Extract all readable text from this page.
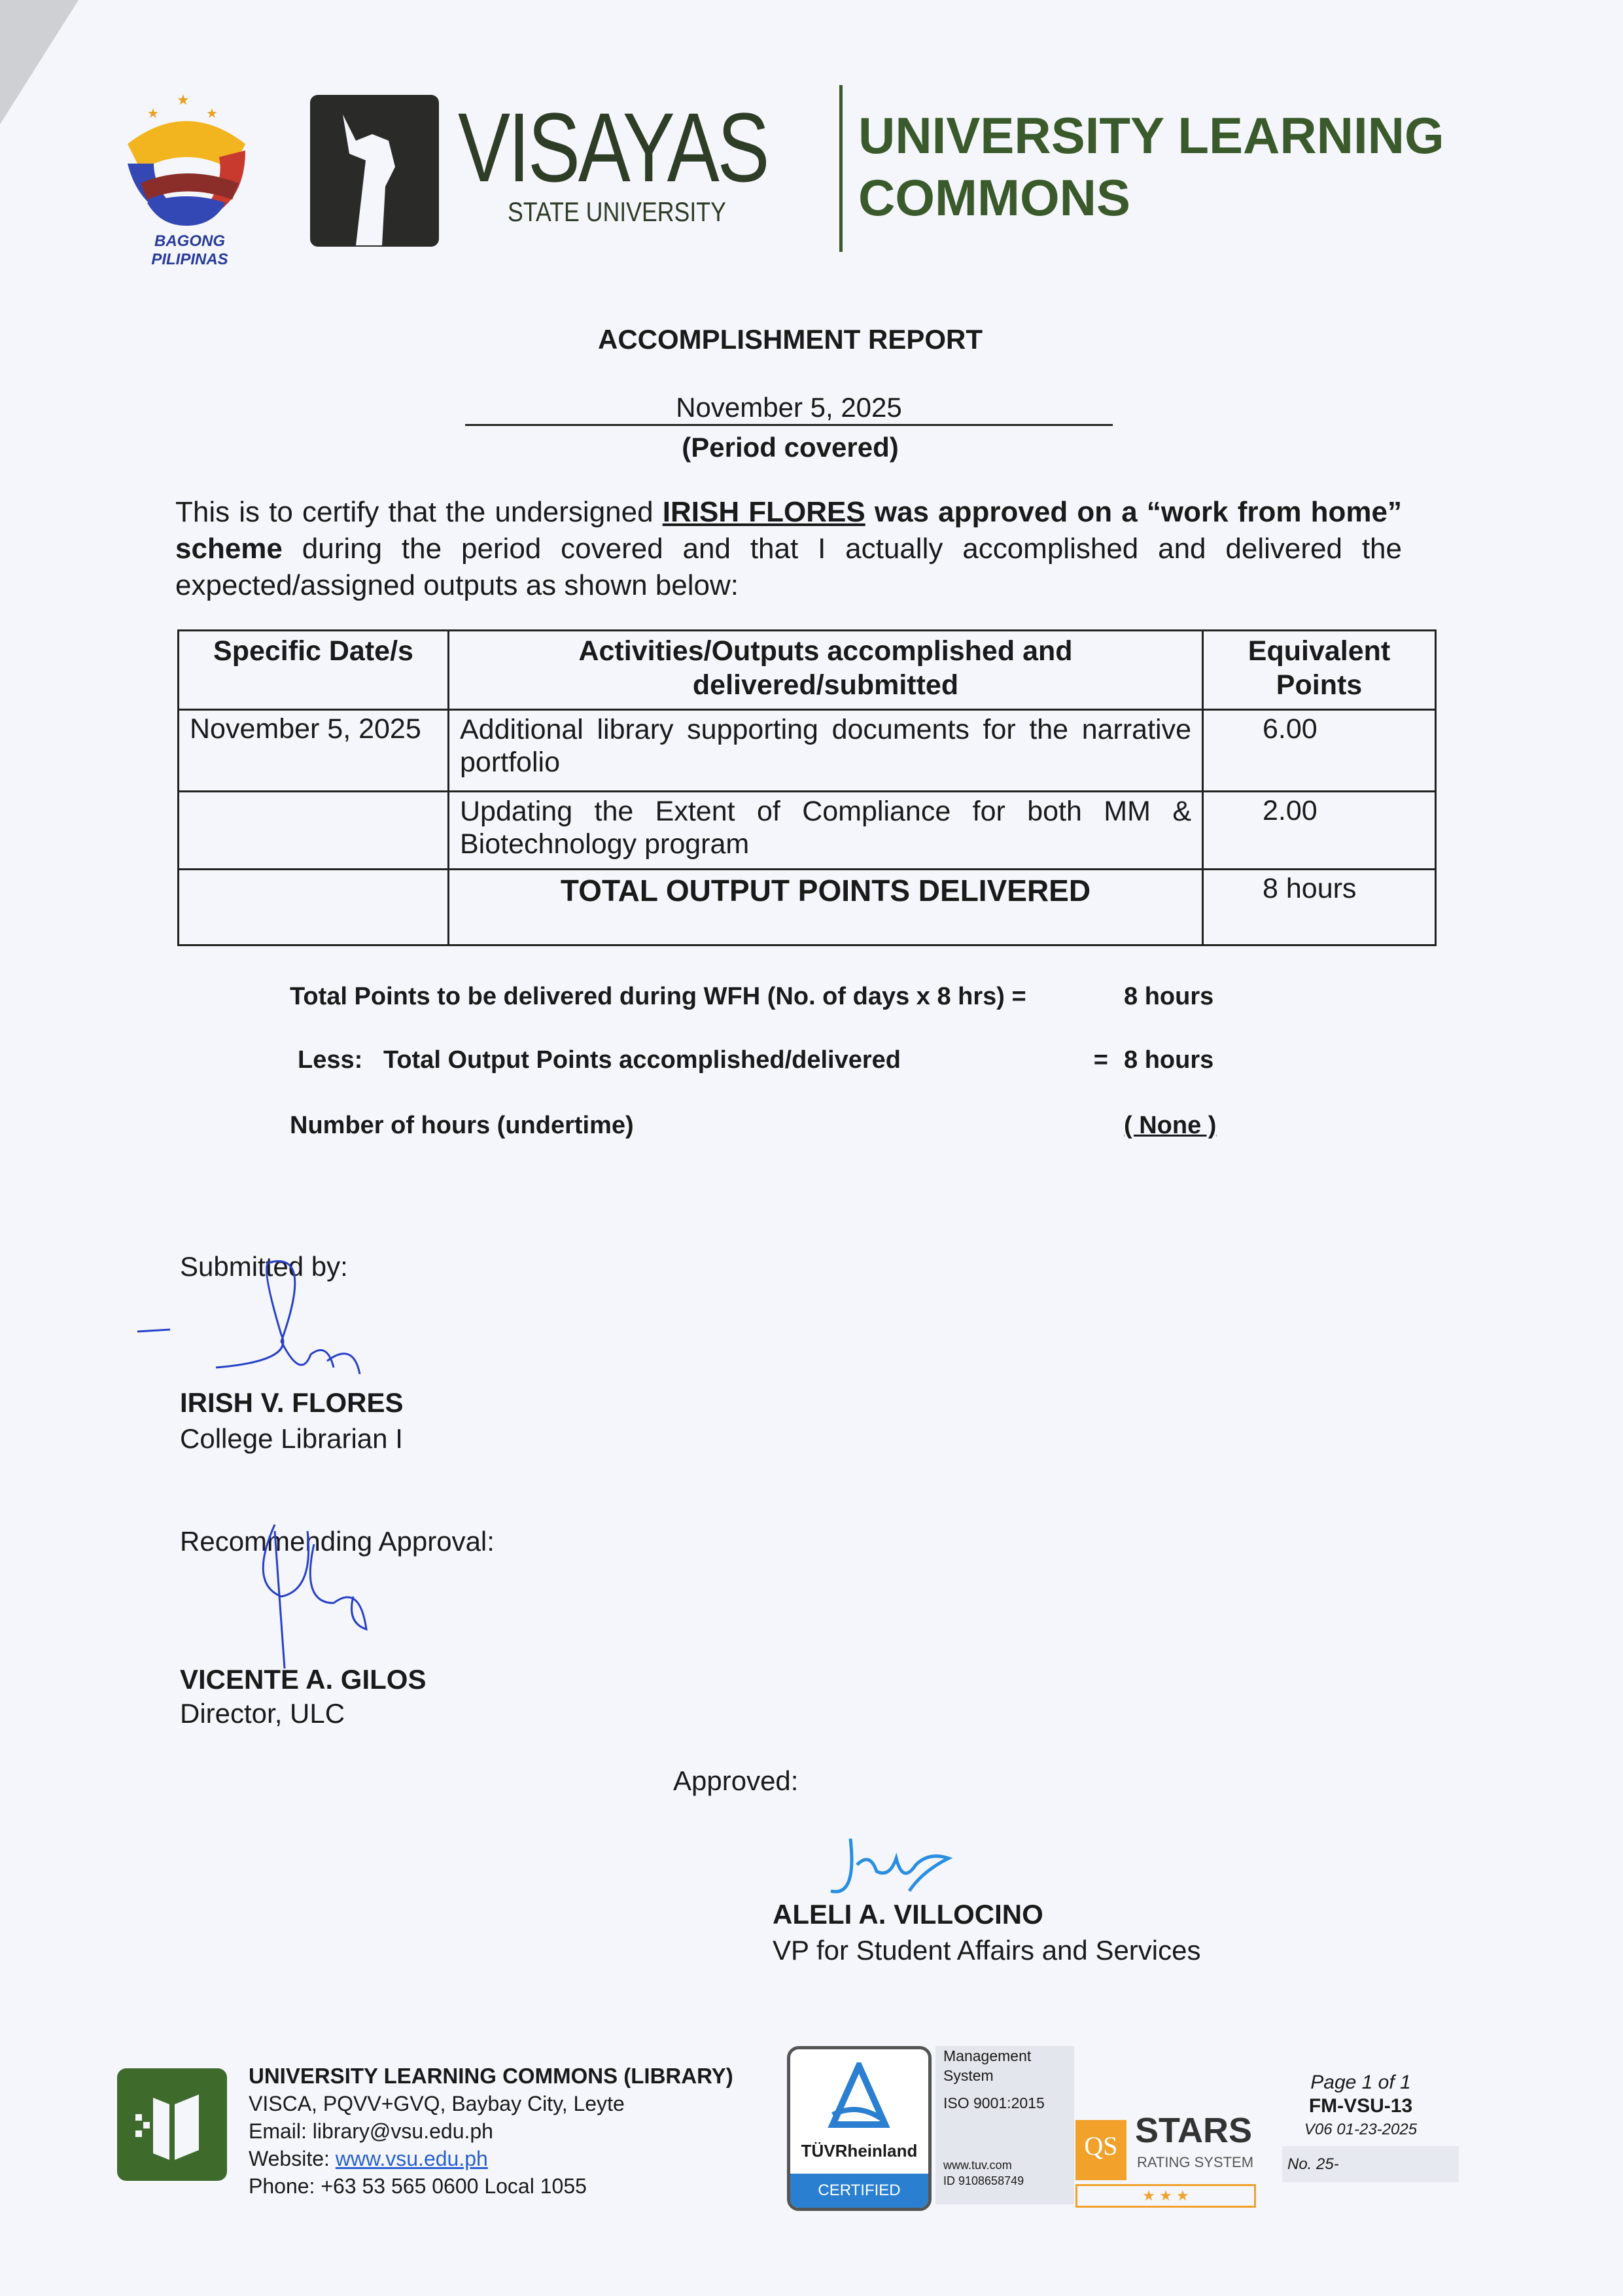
★
★	★
BAGONG PILIPINAS
VISAYAS
STATE UNIVERSITY
UNIVERSITY LEARNING
COMMONS
ACCOMPLISHMENT REPORT
November 5, 2025
(Period covered)
This is to certify that the undersigned IRISH FLORES was approved on a “work from home” scheme during the period covered and that I actually accomplished and delivered the expected/assigned outputs as shown below:
Specific Date/s	Activities/Outputs accomplished and delivered/submitted	Equivalent Points
November 5, 2025	Additional library supporting documents for the narrative portfolio	6.00
	Updating the Extent of Compliance for both MM & Biotechnology program	2.00
	TOTAL OUTPUT POINTS DELIVERED	8 hours
Total Points to be delivered during WFH (No. of days x 8 hrs) =	8 hours
Less:   Total Output Points accomplished/delivered	= 8 hours
Number of hours (undertime)	( None )
Submitted by:
IRISH V. FLORES
College Librarian I
Recommending Approval:
VICENTE A. GILOS
Director, ULC
Approved:
ALELI A. VILLOCINO
VP for Student Affairs and Services
UNIVERSITY LEARNING COMMONS (LIBRARY)
VISCA, PQVV+GVQ, Baybay City, Leyte
Email: library@vsu.edu.ph
Website: www.vsu.edu.ph
Phone: +63 53 565 0600 Local 1055
TÜVRheinland
CERTIFIED
Management
System
ISO 9001:2015
www.tuv.com
ID 9108658749
QS STARS
RATING SYSTEM
★ ★ ★
Page 1 of 1
FM-VSU-13
V06 01-23-2025
No. 25-
